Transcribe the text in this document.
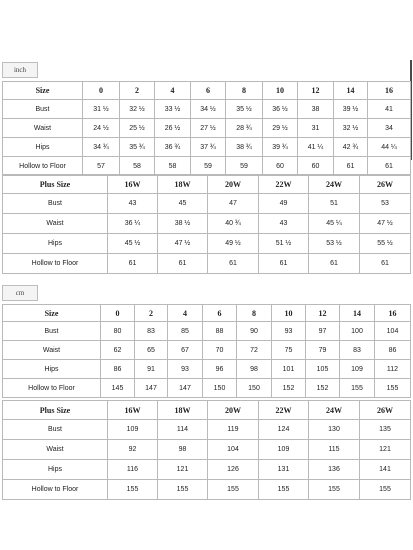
inch
Size	0	2	4	6	8	10	12	14	16
Bust	31 ½	32 ½	33 ½	34 ½	35 ½	36 ½	38	39 ½	41
Waist	24 ½	25 ½	26 ½	27 ½	28 ¾	29 ½	31	32 ½	34
Hips	34 ¾	35 ¾	36 ¾	37 ¾	38 ¾	39 ¾	41 ¼	42 ¾	44 ¼
Hollow to Floor	57	58	58	59	59	60	60	61	61
Plus Size	16W	18W	20W	22W	24W	26W
Bust	43	45	47	49	51	53
Waist	36 ¼	38 ½	40 ¾	43	45 ¼	47 ½
Hips	45 ½	47 ½	49 ½	51 ½	53 ½	55 ½
Hollow to Floor	61	61	61	61	61	61
cm
Size	0	2	4	6	8	10	12	14	16
Bust	80	83	85	88	90	93	97	100	104
Waist	62	65	67	70	72	75	79	83	86
Hips	86	91	93	96	98	101	105	109	112
Hollow to Floor	145	147	147	150	150	152	152	155	155
Plus Size	16W	18W	20W	22W	24W	26W
Bust	109	114	119	124	130	135
Waist	92	98	104	109	115	121
Hips	116	121	126	131	136	141
Hollow to Floor	155	155	155	155	155	155
